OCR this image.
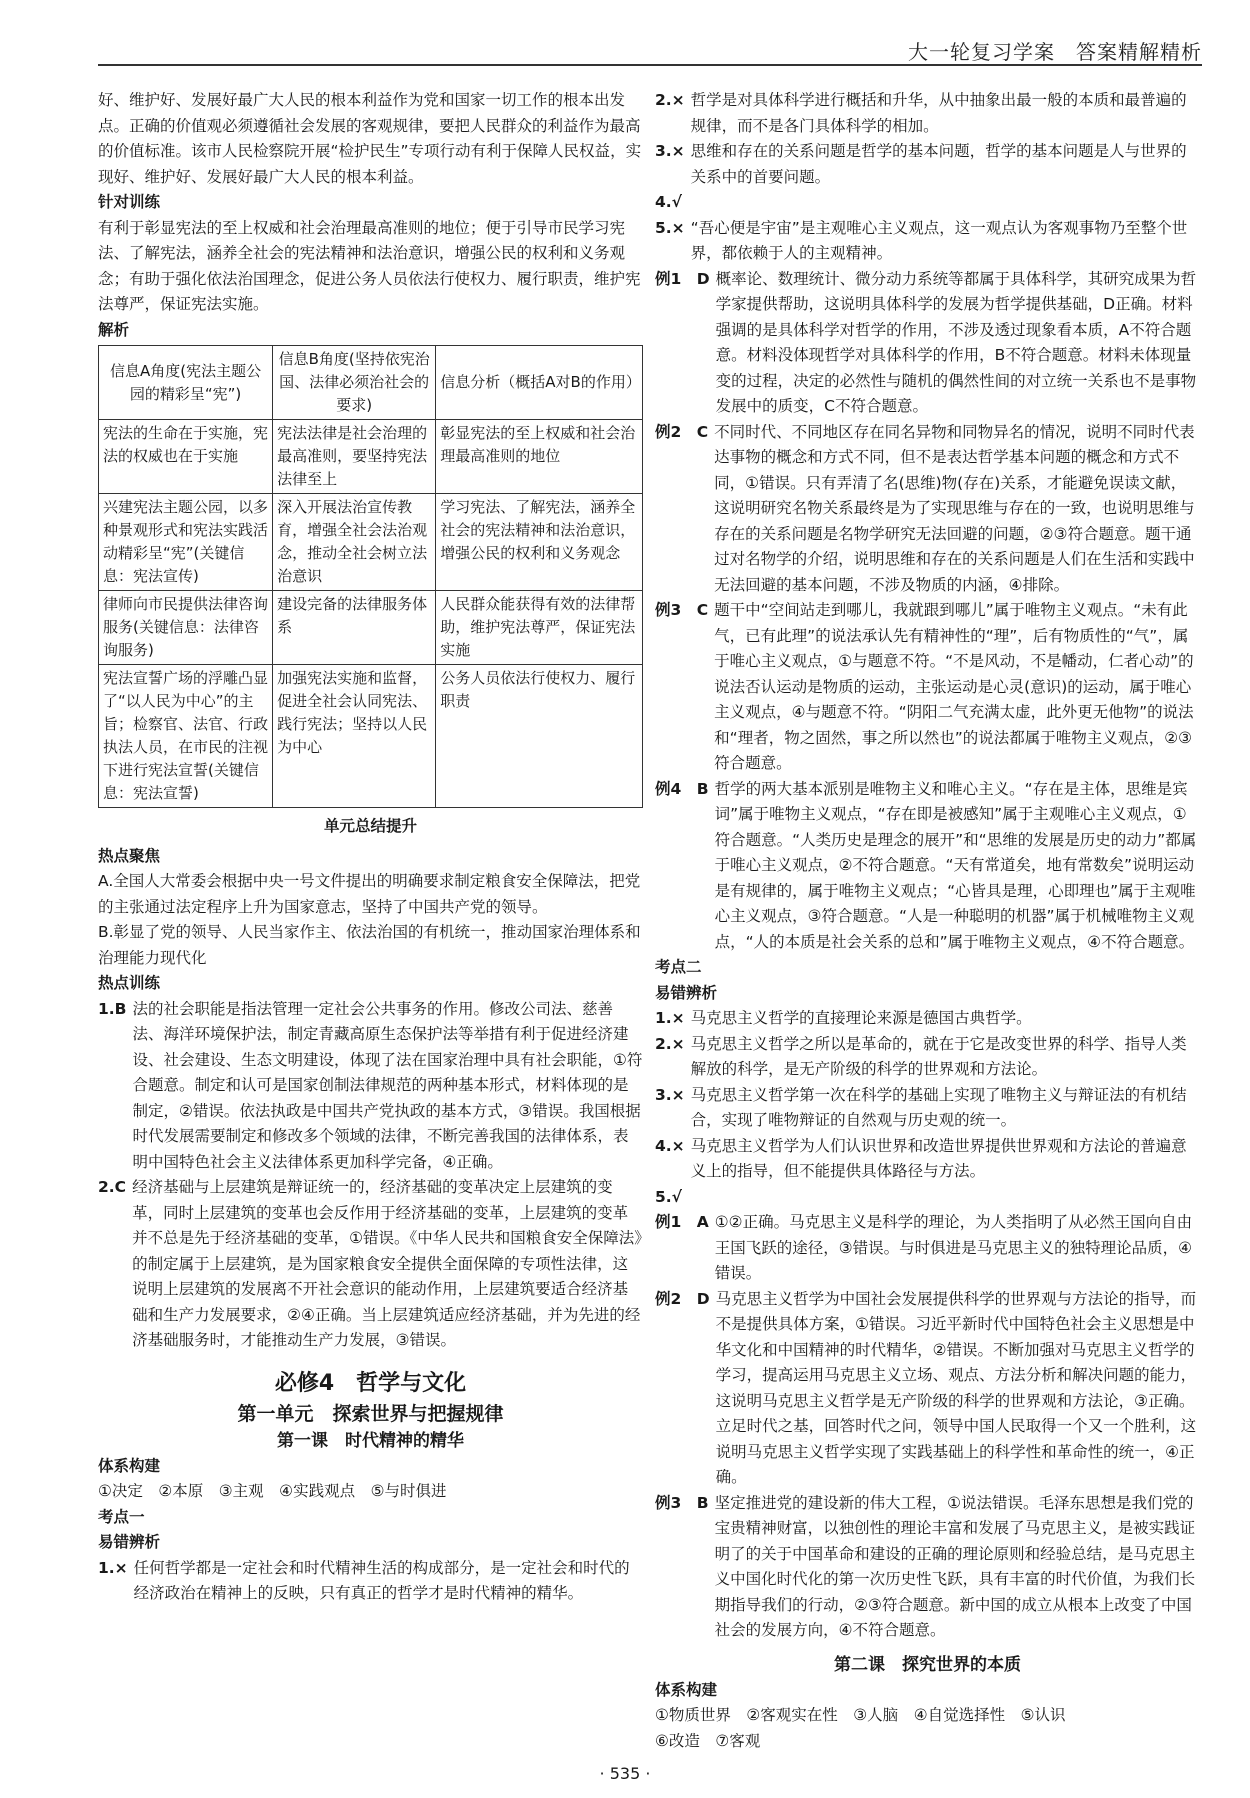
大一轮复习学案　答案精解精析

好、维护好、发展好最广大人民的根本利益作为党和国家一切工作的根本出发点。正确的价值观必须遵循社会发展的客观规律，要把人民群众的利益作为最高的价值标准。该市人民检察院开展“检护民生”专项行动有利于保障人民权益，实现好、维护好、发展好最广大人民的根本利益。

针对训练

有利于彰显宪法的至上权威和社会治理最高准则的地位；便于引导市民学习宪法、了解宪法，涵养全社会的宪法精神和法治意识，增强公民的权利和义务观念；有助于强化依法治国理念，促进公务人员依法行使权力、履行职责，维护宪法尊严，保证宪法实施。

解析

信息A角度(宪法主题公园的精彩呈“宪”)	信息B角度(坚持依宪治国、法律必须治社会的要求)	信息分析（概括A对B的作用）
宪法的生命在于实施，宪法的权威也在于实施	宪法法律是社会治理的最高准则，要坚持宪法法律至上	彰显宪法的至上权威和社会治理最高准则的地位
兴建宪法主题公园，以多种景观形式和宪法实践活动精彩呈“宪”(关键信息：宪法宣传)	深入开展法治宣传教育，增强全社会法治观念，推动全社会树立法治意识	学习宪法、了解宪法，涵养全社会的宪法精神和法治意识，增强公民的权利和义务观念
律师向市民提供法律咨询服务(关键信息：法律咨询服务)	建设完备的法律服务体系	人民群众能获得有效的法律帮助，维护宪法尊严，保证宪法实施
宪法宣誓广场的浮雕凸显了“以人民为中心”的主旨；检察官、法官、行政执法人员，在市民的注视下进行宪法宣誓(关键信息：宪法宣誓)	加强宪法实施和监督，促进全社会认同宪法、践行宪法；坚持以人民为中心	公务人员依法行使权力、履行职责

单元总结提升

热点聚焦

A.全国人大常委会根据中央一号文件提出的明确要求制定粮食安全保障法，把党的主张通过法定程序上升为国家意志，坚持了中国共产党的领导。

B.彰显了党的领导、人民当家作主、依法治国的有机统一，推动国家治理体系和治理能力现代化

热点训练

1.B 法的社会职能是指法管理一定社会公共事务的作用。修改公司法、慈善法、海洋环境保护法，制定青藏高原生态保护法等举措有利于促进经济建设、社会建设、生态文明建设，体现了法在国家治理中具有社会职能，①符合题意。制定和认可是国家创制法律规范的两种基本形式，材料体现的是制定，②错误。依法执政是中国共产党执政的基本方式，③错误。我国根据时代发展需要制定和修改多个领域的法律，不断完善我国的法律体系，表明中国特色社会主义法律体系更加科学完备，④正确。
2.C 经济基础与上层建筑是辩证统一的，经济基础的变革决定上层建筑的变革，同时上层建筑的变革也会反作用于经济基础的变革，上层建筑的变革并不总是先于经济基础的变革，①错误。《中华人民共和国粮食安全保障法》的制定属于上层建筑，是为国家粮食安全提供全面保障的专项性法律，这说明上层建筑的发展离不开社会意识的能动作用，上层建筑要适合经济基础和生产力发展要求，②④正确。当上层建筑适应经济基础，并为先进的经济基础服务时，才能推动生产力发展，③错误。

必修4　哲学与文化

第一单元　探索世界与把握规律

第一课　时代精神的精华

体系构建

①决定　②本原　③主观　④实践观点　⑤与时俱进

考点一

易错辨析

1.× 任何哲学都是一定社会和时代精神生活的构成部分，是一定社会和时代的经济政治在精神上的反映，只有真正的哲学才是时代精神的精华。
2.× 哲学是对具体科学进行概括和升华，从中抽象出最一般的本质和最普遍的规律，而不是各门具体科学的相加。
3.× 思维和存在的关系问题是哲学的基本问题，哲学的基本问题是人与世界的关系中的首要问题。
4.√
5.× “吾心便是宇宙”是主观唯心主义观点，这一观点认为客观事物乃至整个世界，都依赖于人的主观精神。
例1　D 概率论、数理统计、微分动力系统等都属于具体科学，其研究成果为哲学家提供帮助，这说明具体科学的发展为哲学提供基础，D正确。材料强调的是具体科学对哲学的作用，不涉及透过现象看本质，A不符合题意。材料没体现哲学对具体科学的作用，B不符合题意。材料未体现量变的过程，决定的必然性与随机的偶然性间的对立统一关系也不是事物发展中的质变，C不符合题意。
例2　C 不同时代、不同地区存在同名异物和同物异名的情况，说明不同时代表达事物的概念和方式不同，但不是表达哲学基本问题的概念和方式不同，①错误。只有弄清了名(思维)物(存在)关系，才能避免误读文献，这说明研究名物关系最终是为了实现思维与存在的一致，也说明思维与存在的关系问题是名物学研究无法回避的问题，②③符合题意。题干通过对名物学的介绍，说明思维和存在的关系问题是人们在生活和实践中无法回避的基本问题，不涉及物质的内涵，④排除。
例3　C 题干中“空间站走到哪儿，我就跟到哪儿”属于唯物主义观点。“未有此气，已有此理”的说法承认先有精神性的“理”，后有物质性的“气”，属于唯心主义观点，①与题意不符。“不是风动，不是幡动，仁者心动”的说法否认运动是物质的运动，主张运动是心灵(意识)的运动，属于唯心主义观点，④与题意不符。“阴阳二气充满太虚，此外更无他物”的说法和“理者，物之固然，事之所以然也”的说法都属于唯物主义观点，②③符合题意。
例4　B 哲学的两大基本派别是唯物主义和唯心主义。“存在是主体，思维是宾词”属于唯物主义观点，“存在即是被感知”属于主观唯心主义观点，①符合题意。“人类历史是理念的展开”和“思维的发展是历史的动力”都属于唯心主义观点，②不符合题意。“天有常道矣，地有常数矣”说明运动是有规律的，属于唯物主义观点；“心皆具是理，心即理也”属于主观唯心主义观点，③符合题意。“人是一种聪明的机器”属于机械唯物主义观点，“人的本质是社会关系的总和”属于唯物主义观点，④不符合题意。

考点二

易错辨析

1.× 马克思主义哲学的直接理论来源是德国古典哲学。
2.× 马克思主义哲学之所以是革命的，就在于它是改变世界的科学、指导人类解放的科学，是无产阶级的科学的世界观和方法论。
3.× 马克思主义哲学第一次在科学的基础上实现了唯物主义与辩证法的有机结合，实现了唯物辩证的自然观与历史观的统一。
4.× 马克思主义哲学为人们认识世界和改造世界提供世界观和方法论的普遍意义上的指导，但不能提供具体路径与方法。
5.√
例1　A ①②正确。马克思主义是科学的理论，为人类指明了从必然王国向自由王国飞跃的途径，③错误。与时俱进是马克思主义的独特理论品质，④错误。
例2　D 马克思主义哲学为中国社会发展提供科学的世界观与方法论的指导，而不是提供具体方案，①错误。习近平新时代中国特色社会主义思想是中华文化和中国精神的时代精华，②错误。不断加强对马克思主义哲学的学习，提高运用马克思主义立场、观点、方法分析和解决问题的能力，这说明马克思主义哲学是无产阶级的科学的世界观和方法论，③正确。立足时代之基，回答时代之问，领导中国人民取得一个又一个胜利，这说明马克思主义哲学实现了实践基础上的科学性和革命性的统一，④正确。
例3　B 坚定推进党的建设新的伟大工程，①说法错误。毛泽东思想是我们党的宝贵精神财富，以独创性的理论丰富和发展了马克思主义，是被实践证明了的关于中国革命和建设的正确的理论原则和经验总结，是马克思主义中国化时代化的第一次历史性飞跃，具有丰富的时代价值，为我们长期指导我们的行动，②③符合题意。新中国的成立从根本上改变了中国社会的发展方向，④不符合题意。

第二课　探究世界的本质

体系构建

①物质世界　②客观实在性　③人脑　④自觉选择性　⑤认识

⑥改造　⑦客观

· 535 ·
